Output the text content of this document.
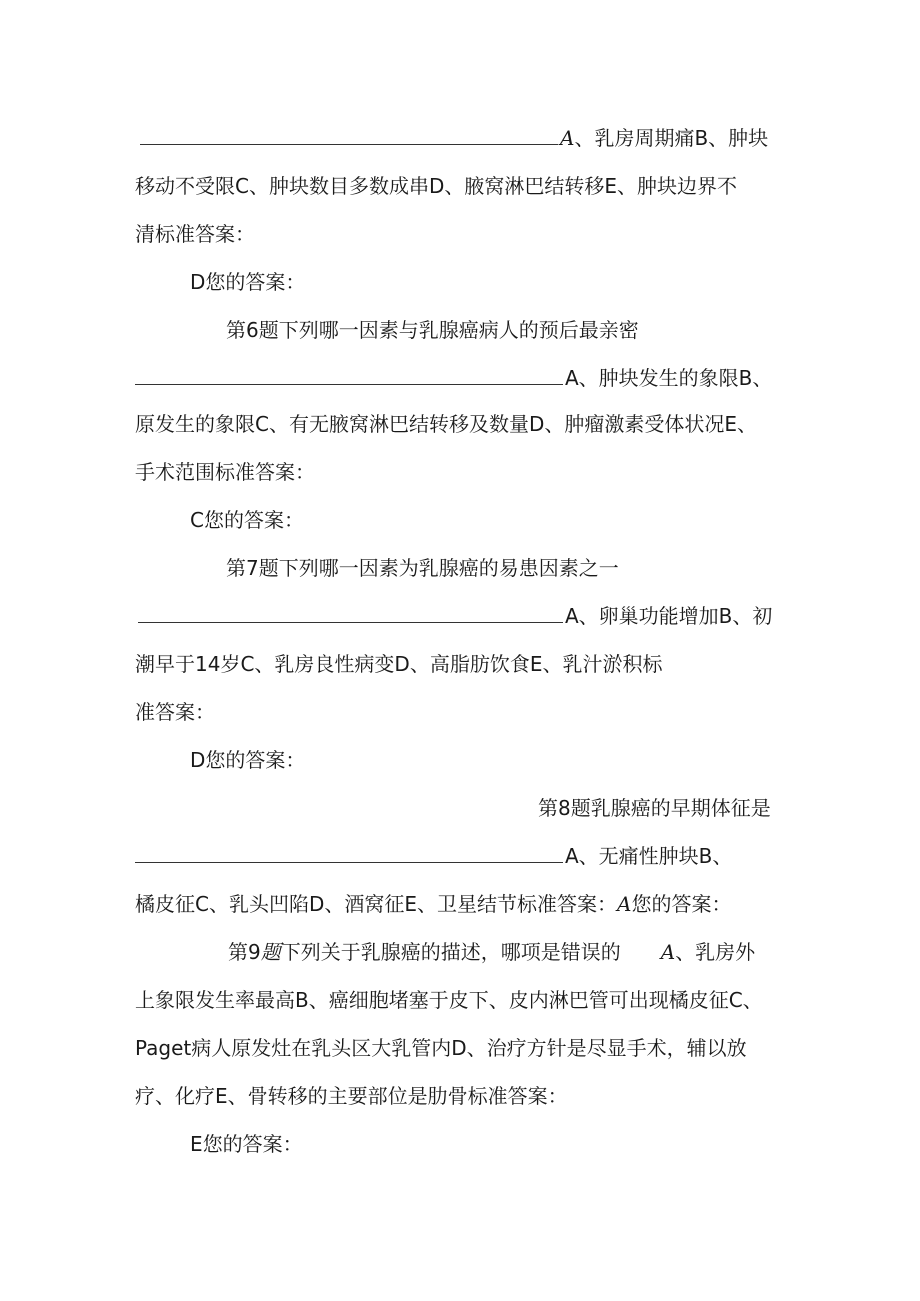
A、乳房周期痛B、肿块
移动不受限C、肿块数目多数成串D、腋窝淋巴结转移E、肿块边界不
清标准答案：
D您的答案：
第6题下列哪一因素与乳腺癌病人的预后最亲密
A、肿块发生的象限B、
原发生的象限C、有无腋窝淋巴结转移及数量D、肿瘤激素受体状况E、
手术范围标准答案：
C您的答案：
第7题下列哪一因素为乳腺癌的易患因素之一
A、卵巢功能增加B、初
潮早于14岁C、乳房良性病变D、高脂肪饮食E、乳汁淤积标
准答案：
D您的答案：
第8题乳腺癌的早期体征是
A、无痛性肿块B、
橘皮征C、乳头凹陷D、酒窝征E、卫星结节标准答案：A您的答案：
第9题下列关于乳腺癌的描述，哪项是错误的 A、乳房外
上象限发生率最高B、癌细胞堵塞于皮下、皮内淋巴管可出现橘皮征C、
Paget病人原发灶在乳头区大乳管内D、治疗方针是尽显手术，辅以放
疗、化疗E、骨转移的主要部位是肋骨标准答案：
E您的答案：
